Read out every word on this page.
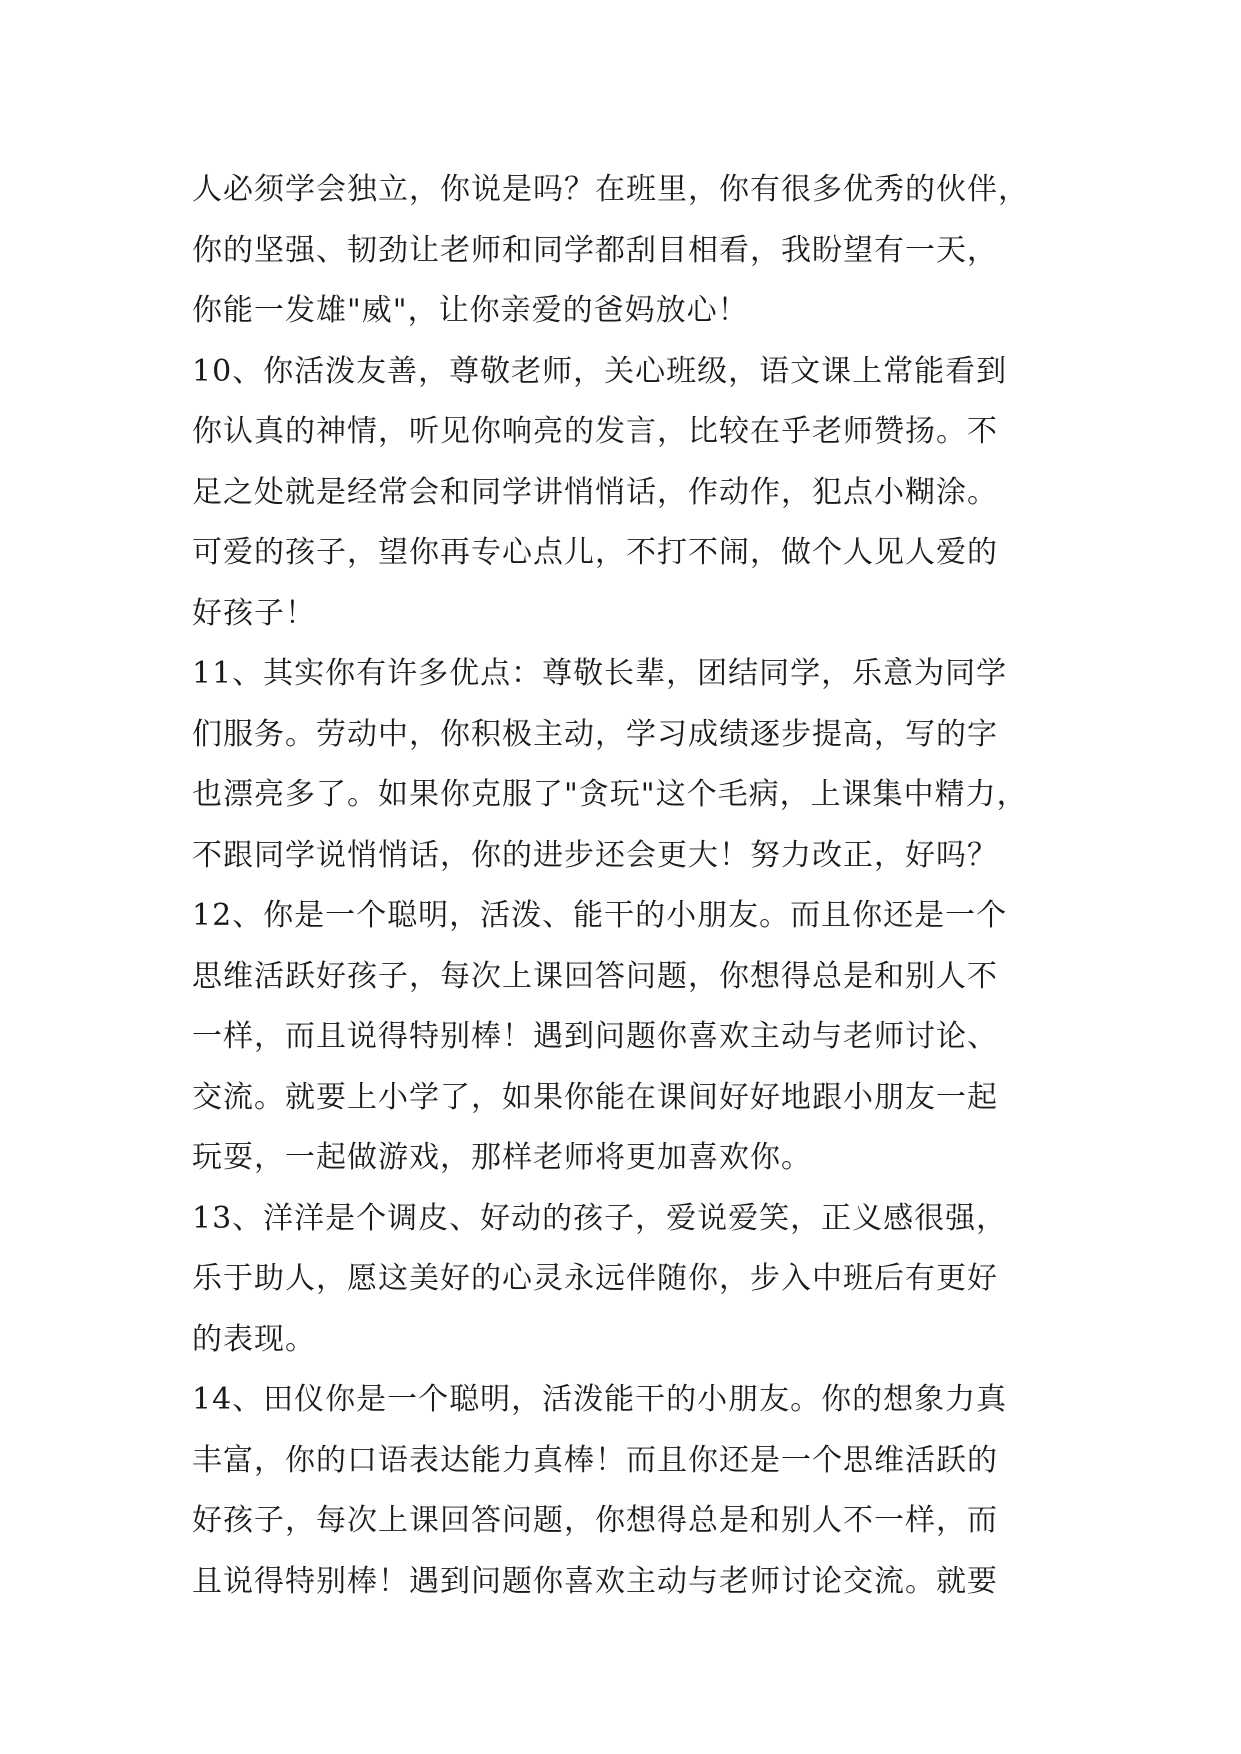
人必须学会独立，你说是吗？在班里，你有很多优秀的伙伴，
你的坚强、韧劲让老师和同学都刮目相看，我盼望有一天，
你能一发雄"威"，让你亲爱的爸妈放心！
10、你活泼友善，尊敬老师，关心班级，语文课上常能看到
你认真的神情，听见你响亮的发言，比较在乎老师赞扬。不
足之处就是经常会和同学讲悄悄话，作动作，犯点小糊涂。
可爱的孩子，望你再专心点儿，不打不闹，做个人见人爱的
好孩子！
11、其实你有许多优点：尊敬长辈，团结同学，乐意为同学
们服务。劳动中，你积极主动，学习成绩逐步提高，写的字
也漂亮多了。如果你克服了"贪玩"这个毛病，上课集中精力，
不跟同学说悄悄话，你的进步还会更大！努力改正，好吗？
12、你是一个聪明，活泼、能干的小朋友。而且你还是一个
思维活跃好孩子，每次上课回答问题，你想得总是和别人不
一样，而且说得特别棒！遇到问题你喜欢主动与老师讨论、
交流。就要上小学了，如果你能在课间好好地跟小朋友一起
玩耍，一起做游戏，那样老师将更加喜欢你。
13、洋洋是个调皮、好动的孩子，爱说爱笑，正义感很强，
乐于助人，愿这美好的心灵永远伴随你，步入中班后有更好
的表现。
14、田仪你是一个聪明，活泼能干的小朋友。你的想象力真
丰富，你的口语表达能力真棒！而且你还是一个思维活跃的
好孩子，每次上课回答问题，你想得总是和别人不一样，而
且说得特别棒！遇到问题你喜欢主动与老师讨论交流。就要
